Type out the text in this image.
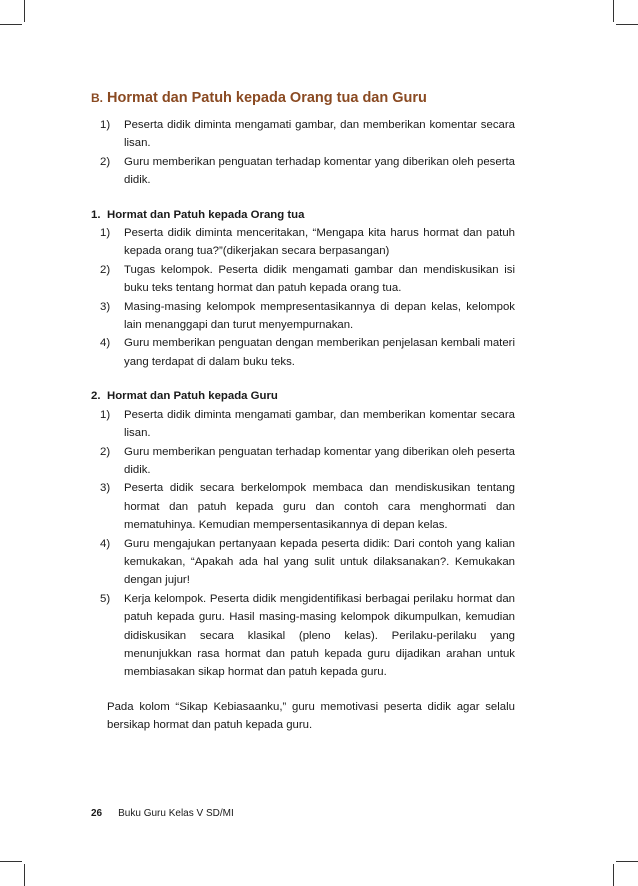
B. Hormat dan Patuh kepada Orang tua dan Guru
1) Peserta didik diminta mengamati gambar, dan memberikan komentar secara lisan.
2) Guru memberikan penguatan terhadap komentar yang diberikan oleh peserta didik.
1. Hormat dan Patuh kepada Orang tua
1) Peserta didik diminta menceritakan, “Mengapa kita harus hormat dan patuh kepada orang tua?”(dikerjakan secara berpasangan)
2) Tugas kelompok. Peserta didik mengamati gambar dan mendiskusikan isi buku teks tentang hormat dan patuh kepada orang tua.
3) Masing-masing kelompok mempresentasikannya di depan kelas, kelompok lain menanggapi dan turut menyempurnakan.
4) Guru memberikan penguatan dengan memberikan penjelasan kembali materi yang terdapat di dalam buku teks.
2. Hormat dan Patuh kepada Guru
1) Peserta didik diminta mengamati gambar, dan memberikan komentar secara lisan.
2) Guru memberikan penguatan terhadap komentar yang diberikan oleh peserta didik.
3) Peserta didik secara berkelompok membaca dan mendiskusikan tentang hormat dan patuh kepada guru dan contoh cara menghormati dan mematuhinya. Kemudian mempersentasikannya di depan kelas.
4) Guru mengajukan pertanyaan kepada peserta didik: Dari contoh yang kalian kemukakan, “Apakah ada hal yang sulit untuk dilaksanakan?. Kemukakan dengan jujur!
5) Kerja kelompok. Peserta didik mengidentifikasi berbagai perilaku hormat dan patuh kepada guru. Hasil masing-masing kelompok dikumpulkan, kemudian didiskusikan secara klasikal (pleno kelas). Perilaku-perilaku yang menunjukkan rasa hormat dan patuh kepada guru dijadikan arahan untuk membiasakan sikap hormat dan patuh kepada guru.
Pada kolom “Sikap Kebiasaanku,” guru memotivasi peserta didik agar selalu bersikap hormat dan patuh kepada guru.
26 Buku Guru Kelas V SD/MI
